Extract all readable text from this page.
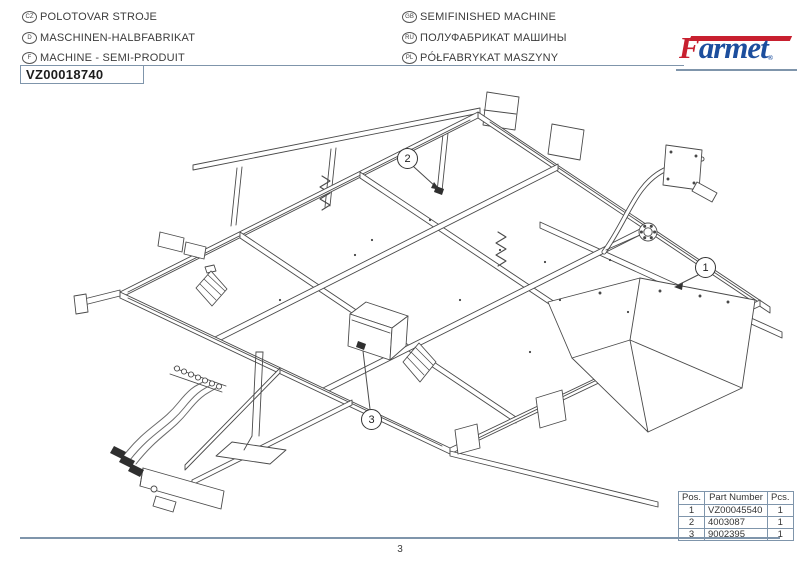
CZ POLOTOVAR STROJE
D MASCHINEN-HALBFABRIKAT
F MACHINE - SEMI-PRODUIT
GB SEMIFINISHED MACHINE
RU ПОЛУФАБРИКАТ МАШИНЫ
PL PÓŁFABRYKAT MASZYNY	Farmet®
VZ00018740
1
2
3
Pos.	Part Number	Pcs.
1	VZ00045540	1
2	4003087	1
3	9002395	1
3
